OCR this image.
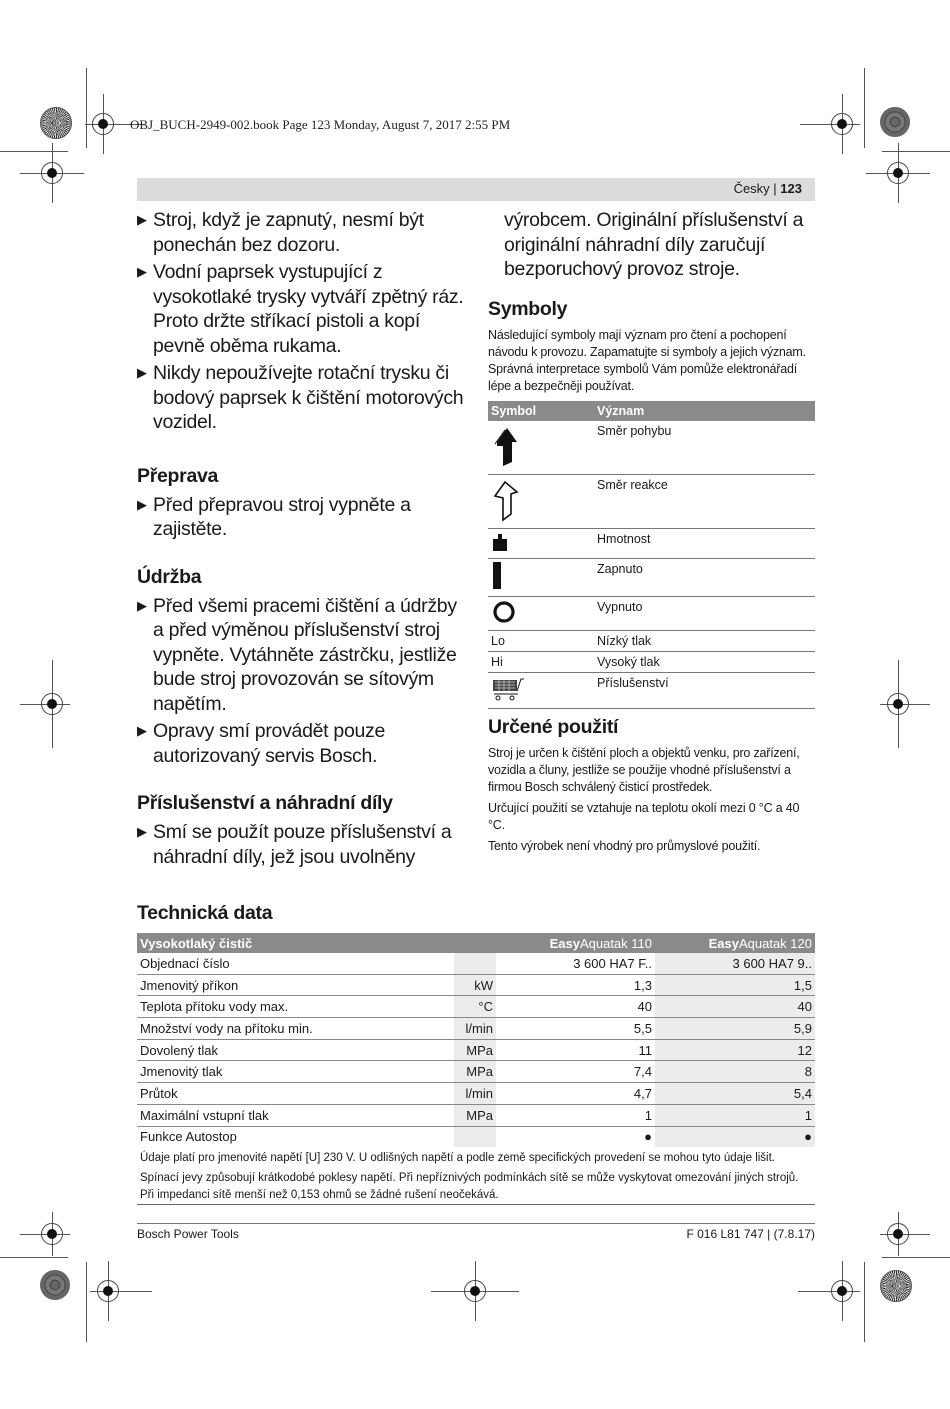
OBJ_BUCH-2949-002.book Page 123 Monday, August 7, 2017 2:55 PM
Česky | 123
▶ Stroj, když je zapnutý, nesmí být ponechán bez dozoru.
▶ Vodní paprsek vystupující z vysokotlaké trysky vytváří zpětný ráz. Proto držte stříkací pistoli a kopí pevně oběma rukama.
▶ Nikdy nepoužívejte rotační trysku či bodový paprsek k čištění motorových vozidel.
Přeprava
▶ Před přepravou stroj vypněte a zajistěte.
Údržba
▶ Před všemi pracemi čištění a údržby a před výměnou příslušenství stroj vypněte. Vytáhněte zástrčku, jestliže bude stroj provozován se sítovým napětím.
▶ Opravy smí provádět pouze autorizovaný servis Bosch.
Příslušenství a náhradní díly
▶ Smí se použít pouze příslušenství a náhradní díly, jež jsou uvolněny
výrobcem. Originální příslušenství a originální náhradní díly zaručují bezporuchový provoz stroje.
Symboly
Následující symboly mají význam pro čtení a pochopení návodu k provozu. Zapamatujte si symboly a jejich význam. Správná interpretace symbolů Vám pomůže elektronářadí lépe a bezpečněji používat.
Symbol	Význam
	Směr pohybu
	Směr reakce
	Hmotnost
	Zapnuto
	Vypnuto
Lo	Nízký tlak
Hi	Vysoký tlak
	Příslušenství
Určené použití
Stroj je určen k čištění ploch a objektů venku, pro zařízení, vozidla a čluny, jestliže se použije vhodné příslušenství a firmou Bosch schválený čisticí prostředek.
Určující použití se vztahuje na teplotu okolí mezi 0 °C a 40 °C.
Tento výrobek není vhodný pro průmyslové použití.
Technická data
Vysokotlaký čistič		EasyAquatak 110	EasyAquatak 120
Objednací číslo		3 600 HA7 F..	3 600 HA7 9..
Jmenovitý příkon	kW	1,3	1,5
Teplota přítoku vody max.	°C	40	40
Množství vody na přítoku min.	l/min	5,5	5,9
Dovolený tlak	MPa	11	12
Jmenovitý tlak	MPa	7,4	8
Průtok	l/min	4,7	5,4
Maximální vstupní tlak	MPa	1	1
Funkce Autostop		●	●
Údaje platí pro jmenovité napětí [U] 230 V. U odlišných napětí a podle země specifických provedení se mohou tyto údaje lišit.
Spínací jevy způsobují krátkodobé poklesy napětí. Při nepříznivých podmínkách sítě se může vyskytovat omezování jiných strojů. Při impedanci sítě menší než 0,153 ohmů se žádné rušení neočekává.
Bosch Power Tools	F 016 L81 747 | (7.8.17)
